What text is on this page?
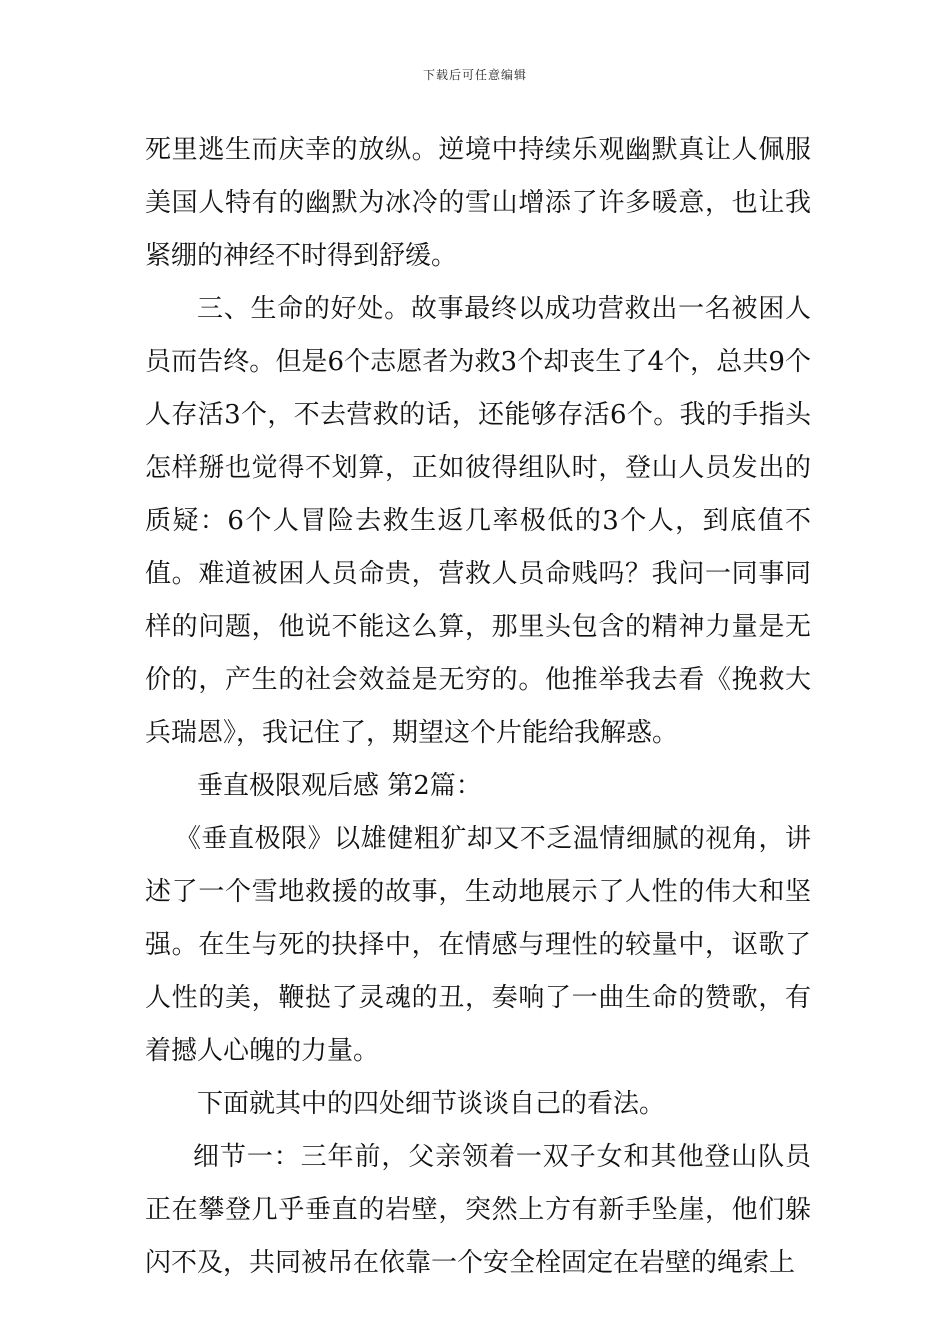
下载后可任意编辑

死里逃生而庆幸的放纵。逆境中持续乐观幽默真让人佩服美国人特有的幽默为冰冷的雪山增添了许多暖意，也让我紧绷的神经不时得到舒缓。

三、生命的好处。故事最终以成功营救出一名被困人员而告终。但是6个志愿者为救3个却丧生了4个，总共9个人存活3个，不去营救的话，还能够存活6个。我的手指头怎样掰也觉得不划算，正如彼得组队时，登山人员发出的质疑：6个人冒险去救生返几率极低的3个人，到底值不值。难道被困人员命贵，营救人员命贱吗？我问一同事同样的问题，他说不能这么算，那里头包含的精神力量是无价的，产生的社会效益是无穷的。他推举我去看《挽救大兵瑞恩》，我记住了，期望这个片能给我解惑。

垂直极限观后感 第2篇：

《垂直极限》以雄健粗犷却又不乏温情细腻的视角，讲述了一个雪地救援的故事，生动地展示了人性的伟大和坚强。在生与死的抉择中，在情感与理性的较量中，讴歌了人性的美，鞭挞了灵魂的丑，奏响了一曲生命的赞歌，有着撼人心魄的力量。

下面就其中的四处细节谈谈自己的看法。

细节一：三年前，父亲领着一双子女和其他登山队员正在攀登几乎垂直的岩壁，突然上方有新手坠崖，他们躲闪不及，共同被吊在依靠一个安全栓固定在岩壁的绳索上
